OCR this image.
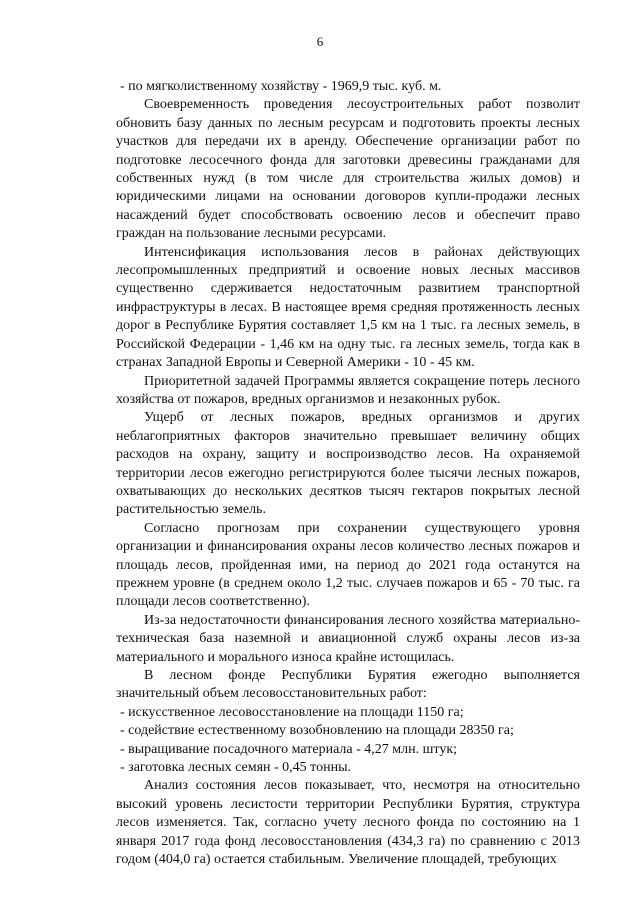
6

- по мягколиственному хозяйству - 1969,9 тыс. куб. м.

Своевременность проведения лесоустроительных работ позволит обновить базу данных по лесным ресурсам и подготовить проекты лесных участков для передачи их в аренду. Обеспечение организации работ по подготовке лесосечного фонда для заготовки древесины гражданами для собственных нужд (в том числе для строительства жилых домов) и юридическими лицами на основании договоров купли-продажи лесных насаждений будет способствовать освоению лесов и обеспечит право граждан на пользование лесными ресурсами.

Интенсификация использования лесов в районах действующих лесопромышленных предприятий и освоение новых лесных массивов существенно сдерживается недостаточным развитием транспортной инфраструктуры в лесах. В настоящее время средняя протяженность лесных дорог в Республике Бурятия составляет 1,5 км на 1 тыс. га лесных земель, в Российской Федерации - 1,46 км на одну тыс. га лесных земель, тогда как в странах Западной Европы и Северной Америки - 10 - 45 км.

Приоритетной задачей Программы является сокращение потерь лесного хозяйства от пожаров, вредных организмов и незаконных рубок.

Ущерб от лесных пожаров, вредных организмов и других неблагоприятных факторов значительно превышает величину общих расходов на охрану, защиту и воспроизводство лесов. На охраняемой территории лесов ежегодно регистрируются более тысячи лесных пожаров, охватывающих до нескольких десятков тысяч гектаров покрытых лесной растительностью земель.

Согласно прогнозам при сохранении существующего уровня организации и финансирования охраны лесов количество лесных пожаров и площадь лесов, пройденная ими, на период до 2021 года останутся на прежнем уровне (в среднем около 1,2 тыс. случаев пожаров и 65 - 70 тыс. га площади лесов соответственно).

Из-за недостаточности финансирования лесного хозяйства материально-техническая база наземной и авиационной служб охраны лесов из-за материального и морального износа крайне истощилась.

В лесном фонде Республики Бурятия ежегодно выполняется значительный объем лесовосстановительных работ:

- искусственное лесовосстановление на площади 1150 га;

- содействие естественному возобновлению на площади 28350 га;

- выращивание посадочного материала - 4,27 млн. штук;

- заготовка лесных семян - 0,45 тонны.

Анализ состояния лесов показывает, что, несмотря на относительно высокий уровень лесистости территории Республики Бурятия, структура лесов изменяется. Так, согласно учету лесного фонда по состоянию на 1 января 2017 года фонд лесовосстановления (434,3 га) по сравнению с 2013 годом (404,0 га) остается стабильным. Увеличение площадей, требующих
